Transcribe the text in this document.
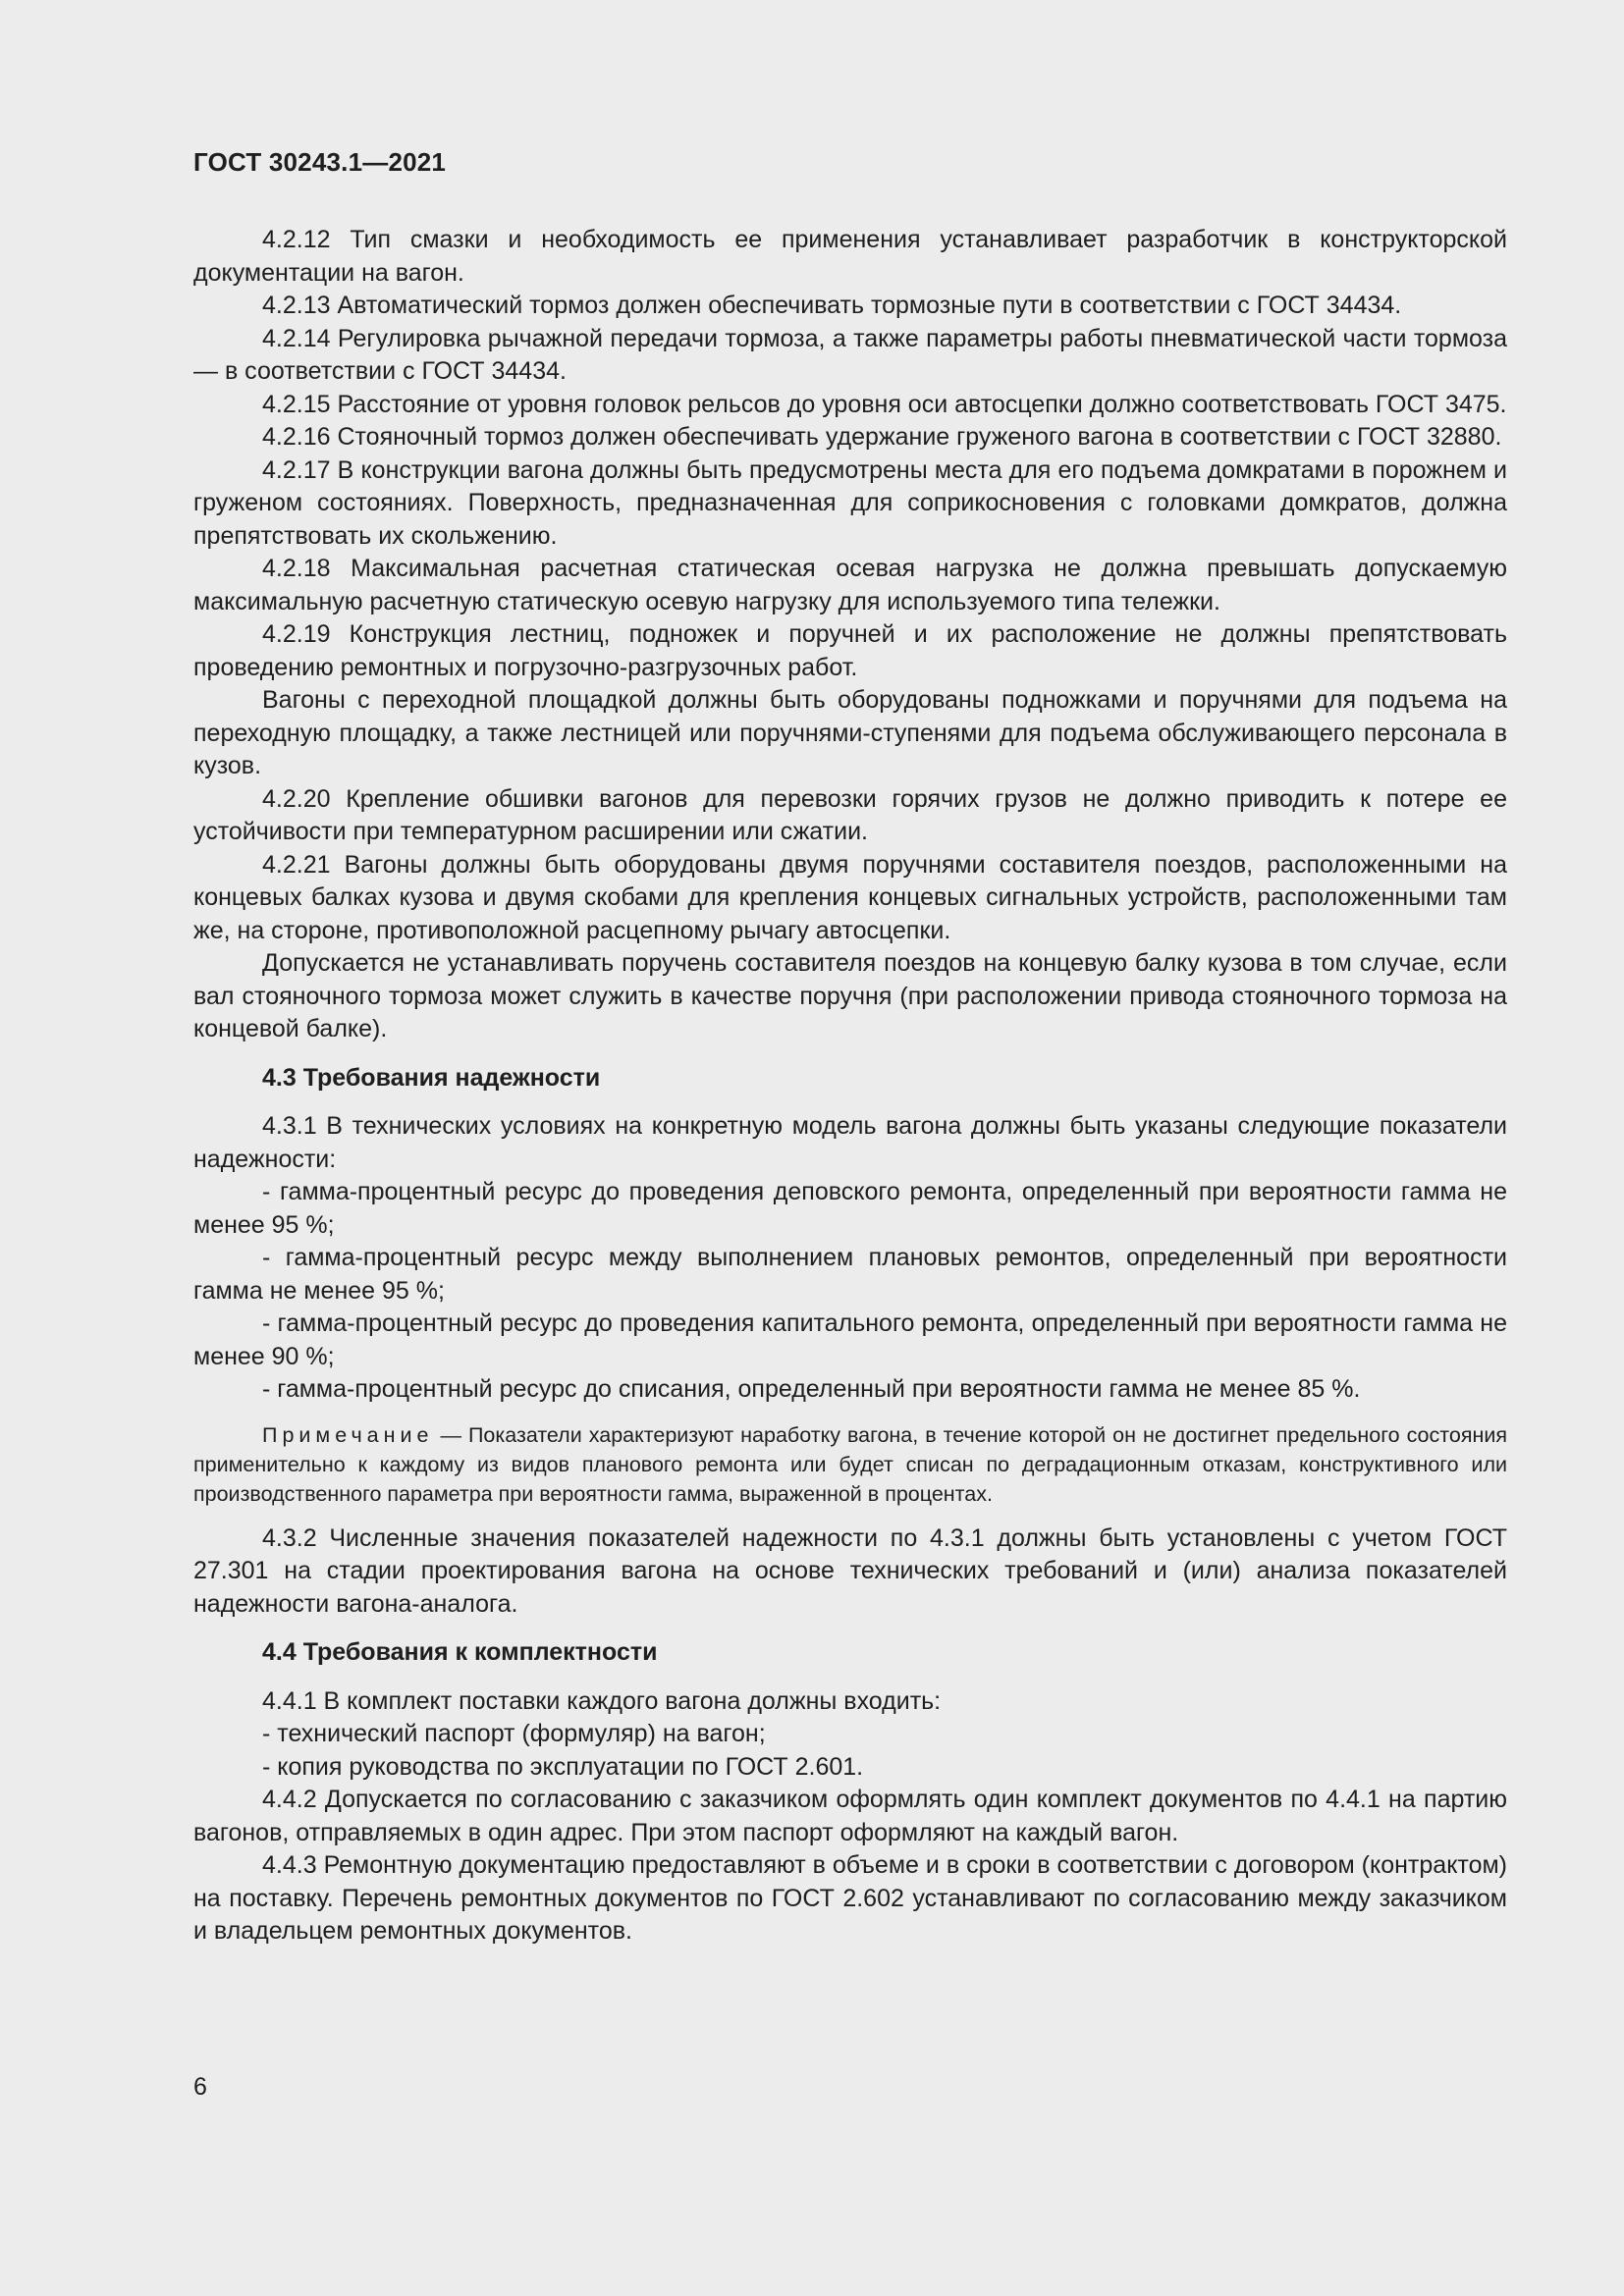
ГОСТ 30243.1—2021

4.2.12 Тип смазки и необходимость ее применения устанавливает разработчик в конструкторской документации на вагон.

4.2.13 Автоматический тормоз должен обеспечивать тормозные пути в соответствии с ГОСТ 34434.

4.2.14 Регулировка рычажной передачи тормоза, а также параметры работы пневматической части тормоза — в соответствии с ГОСТ 34434.

4.2.15 Расстояние от уровня головок рельсов до уровня оси автосцепки должно соответствовать ГОСТ 3475.

4.2.16 Стояночный тормоз должен обеспечивать удержание груженого вагона в соответствии с ГОСТ 32880.

4.2.17 В конструкции вагона должны быть предусмотрены места для его подъема домкратами в порожнем и груженом состояниях. Поверхность, предназначенная для соприкосновения с головками домкратов, должна препятствовать их скольжению.

4.2.18 Максимальная расчетная статическая осевая нагрузка не должна превышать допускаемую максимальную расчетную статическую осевую нагрузку для используемого типа тележки.

4.2.19 Конструкция лестниц, подножек и поручней и их расположение не должны препятствовать проведению ремонтных и погрузочно-разгрузочных работ.

Вагоны с переходной площадкой должны быть оборудованы подножками и поручнями для подъема на переходную площадку, а также лестницей или поручнями-ступенями для подъема обслуживающего персонала в кузов.

4.2.20 Крепление обшивки вагонов для перевозки горячих грузов не должно приводить к потере ее устойчивости при температурном расширении или сжатии.

4.2.21 Вагоны должны быть оборудованы двумя поручнями составителя поездов, расположенными на концевых балках кузова и двумя скобами для крепления концевых сигнальных устройств, расположенными там же, на стороне, противоположной расцепному рычагу автосцепки.

Допускается не устанавливать поручень составителя поездов на концевую балку кузова в том случае, если вал стояночного тормоза может служить в качестве поручня (при расположении привода стояночного тормоза на концевой балке).

4.3 Требования надежности

4.3.1 В технических условиях на конкретную модель вагона должны быть указаны следующие показатели надежности:

- гамма-процентный ресурс до проведения деповского ремонта, определенный при вероятности гамма не менее 95 %;

- гамма-процентный ресурс между выполнением плановых ремонтов, определенный при вероятности гамма не менее 95 %;

- гамма-процентный ресурс до проведения капитального ремонта, определенный при вероятности гамма не менее 90 %;

- гамма-процентный ресурс до списания, определенный при вероятности гамма не менее 85 %.

Примечание — Показатели характеризуют наработку вагона, в течение которой он не достигнет предельного состояния применительно к каждому из видов планового ремонта или будет списан по деградационным отказам, конструктивного или производственного параметра при вероятности гамма, выраженной в процентах.

4.3.2 Численные значения показателей надежности по 4.3.1 должны быть установлены с учетом ГОСТ 27.301 на стадии проектирования вагона на основе технических требований и (или) анализа показателей надежности вагона-аналога.

4.4 Требования к комплектности

4.4.1 В комплект поставки каждого вагона должны входить:

- технический паспорт (формуляр) на вагон;

- копия руководства по эксплуатации по ГОСТ 2.601.

4.4.2 Допускается по согласованию с заказчиком оформлять один комплект документов по 4.4.1 на партию вагонов, отправляемых в один адрес. При этом паспорт оформляют на каждый вагон.

4.4.3 Ремонтную документацию предоставляют в объеме и в сроки в соответствии с договором (контрактом) на поставку. Перечень ремонтных документов по ГОСТ 2.602 устанавливают по согласованию между заказчиком и владельцем ремонтных документов.

6
